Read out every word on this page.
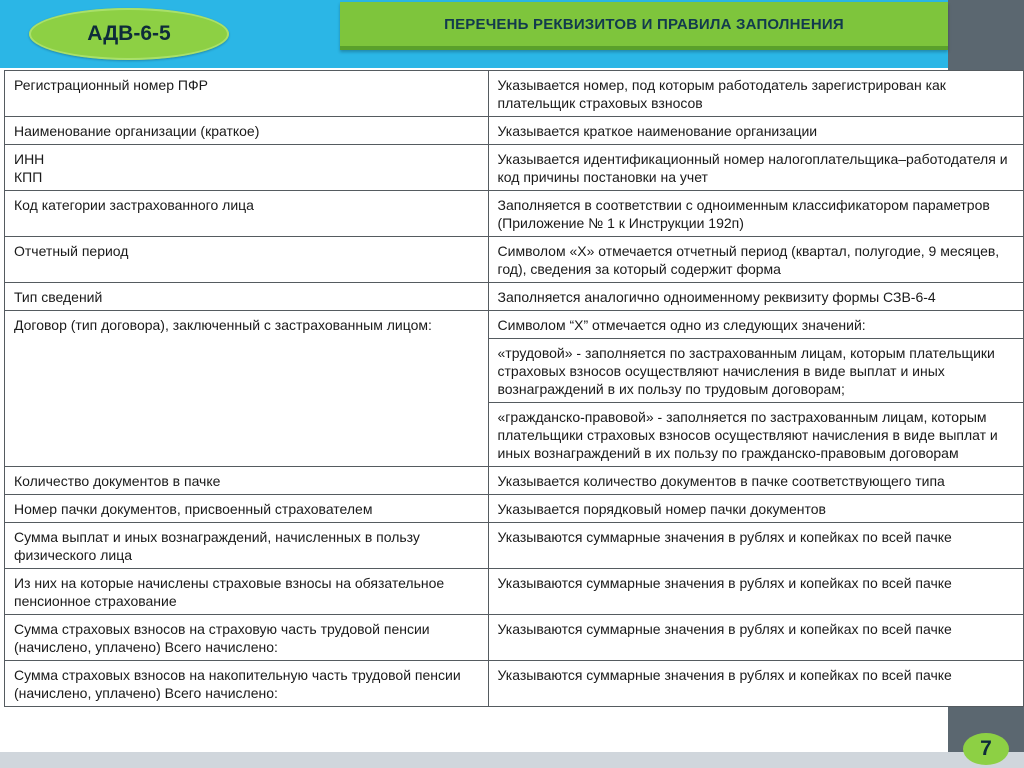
ПЕРЕЧЕНЬ РЕКВИЗИТОВ И ПРАВИЛА ЗАПОЛНЕНИЯ
АДВ-6-5
Регистрационный номер ПФР	Указывается номер, под которым работодатель зарегистрирован как плательщик страховых взносов
Наименование организации (краткое)	Указывается краткое наименование организации
ИНН
КПП	Указывается идентификационный номер налогоплательщика–работодателя и код причины постановки на учет
Код категории застрахованного лица	Заполняется в соответствии с одноименным классификатором параметров (Приложение № 1 к Инструкции 192п)
Отчетный период	Символом «Х» отмечается отчетный период (квартал, полугодие, 9 месяцев, год), сведения за который содержит форма
Тип сведений	Заполняется аналогично одноименному реквизиту формы СЗВ-6-4
Договор (тип договора), заключенный с застрахованным лицом:	Символом “Х” отмечается одно из следующих значений:
	«трудовой» - заполняется по застрахованным лицам, которым плательщики страховых взносов осуществляют начисления в виде выплат и иных вознаграждений в их пользу по трудовым договорам;
	«гражданско-правовой» - заполняется по застрахованным лицам, которым плательщики страховых взносов осуществляют начисления в виде выплат и иных вознаграждений в их пользу по гражданско-правовым договорам
Количество документов в пачке	Указывается количество документов в пачке соответствующего типа
Номер пачки документов, присвоенный страхователем	Указывается порядковый номер пачки документов
Сумма выплат и иных вознаграждений, начисленных в пользу физического лица	Указываются суммарные значения в рублях и копейках по всей пачке
Из них на которые начислены страховые взносы на обязательное пенсионное страхование	Указываются суммарные значения в рублях и копейках по всей пачке
Сумма страховых взносов на страховую часть трудовой пенсии (начислено, уплачено) Всего начислено:	Указываются суммарные значения в рублях и копейках по всей пачке
Сумма страховых взносов на накопительную часть трудовой пенсии (начислено, уплачено) Всего начислено:	Указываются суммарные значения в рублях и копейках по всей пачке
7
